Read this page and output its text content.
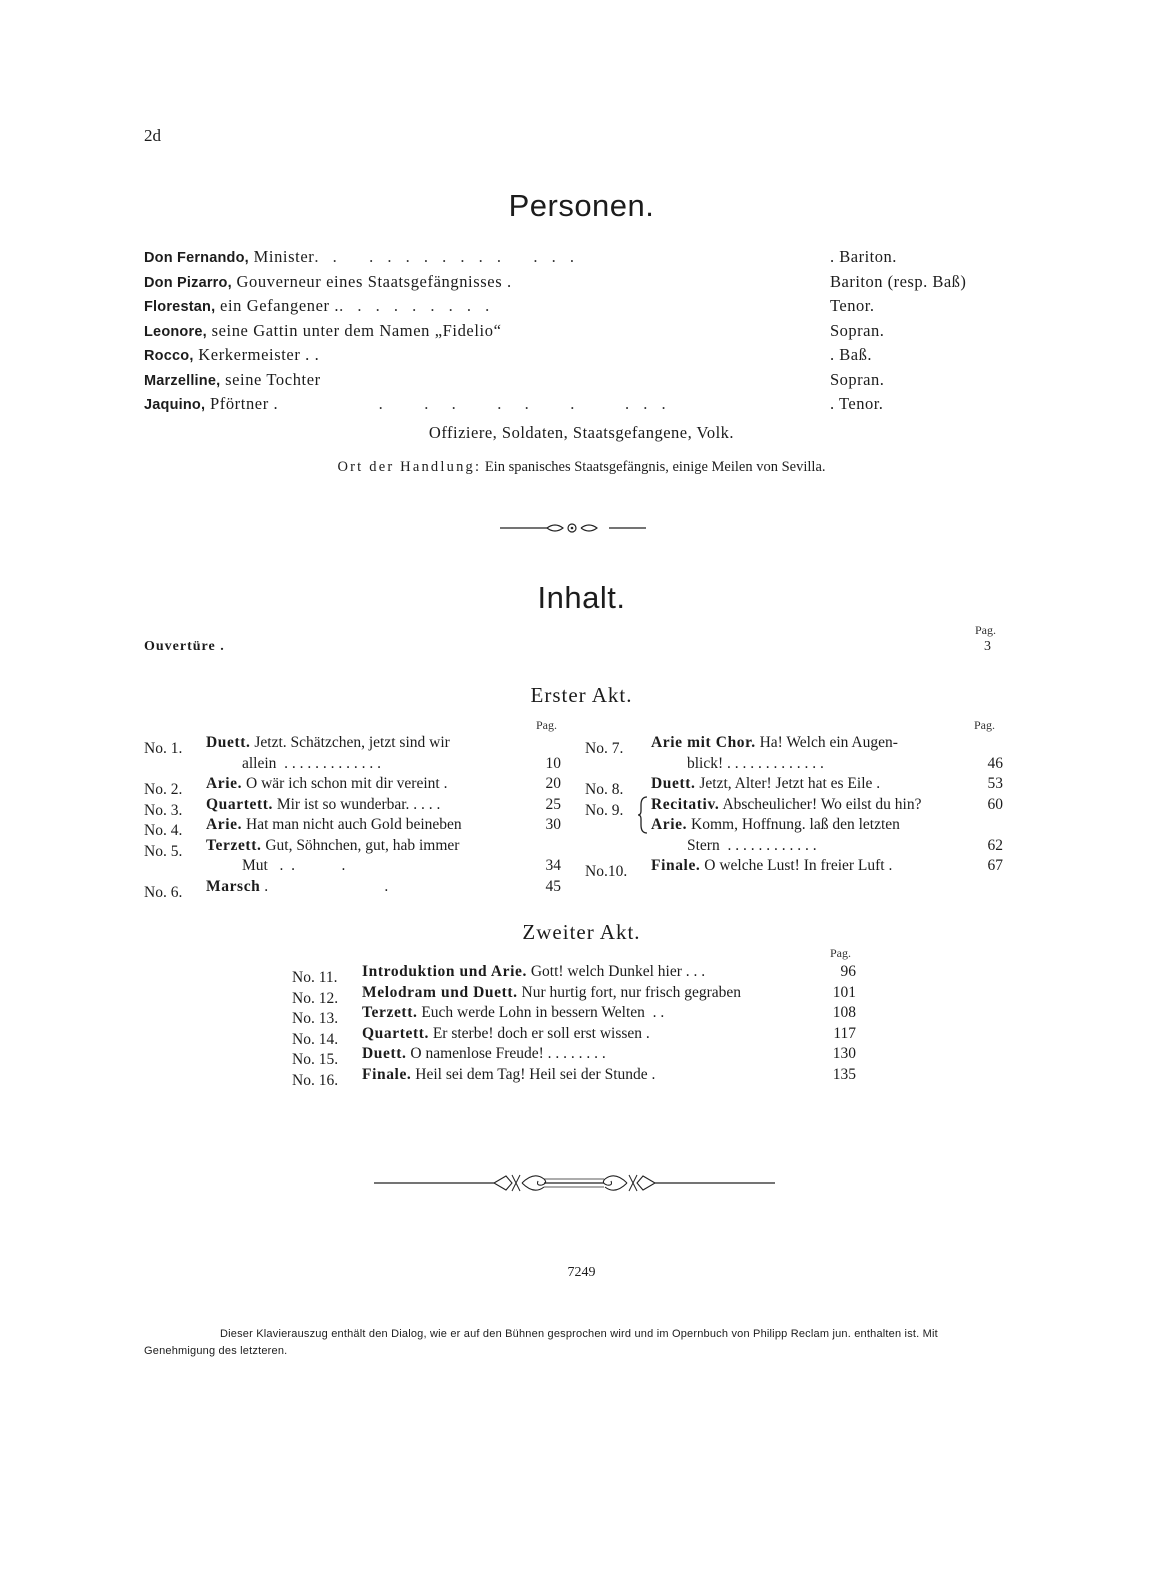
2d
Personen.
Don Fernando, Minister. .   . . . . . . . .   . . .	. Bariton.
Don Pizarro, Gouverneur eines Staatsgefängnisses .	Bariton (resp. Baß)
Florestan, ein Gefangener .. . . . . . . . .	Tenor.
Leonore, seine Gattin unter dem Namen „Fidelio“	Sopran.
Rocco, Kerkermeister . .	. Baß.
Marzelline, seine Tochter	Sopran.
Jaquino, Pförtner .           .    .  .    .  .    .     . . .	. Tenor.
Offiziere, Soldaten, Staatsgefangene, Volk.
Ort der Handlung: Ein spanisches Staatsgefängnis, einige Meilen von Sevilla.
Inhalt.
Pag.
Ouvertüre .	3
Erster Akt.
Pag.	Pag.
No. 1. Duett. Jetzt. Schätzchen, jetzt sind wir
allein  . . . . . . . . . . . . .	10
No. 2. Arie. O wär ich schon mit dir vereint .	20
No. 3. Quartett. Mir ist so wunderbar. . . . .	25
No. 4. Arie. Hat man nicht auch Gold beineben	30
No. 5. Terzett. Gut, Söhnchen, gut, hab immer
Mut   .  .            .	34
No. 6. Marsch .                              .	45
No. 7. Arie mit Chor. Ha! Welch ein Augen-
blick! . . . . . . . . . . . . .	46
No. 8. Duett. Jetzt, Alter! Jetzt hat es Eile .	53
No. 9. Recitativ. Abscheulicher! Wo eilst du hin?	60
Arie. Komm, Hoffnung. laß den letzten
Stern  . . . . . . . . . . . .	62
No.10. Finale. O welche Lust! In freier Luft .	67
Zweiter Akt.
Pag.
No. 11. Introduktion und Arie. Gott! welch Dunkel hier . . .	96
No. 12. Melodram und Duett. Nur hurtig fort, nur frisch gegraben	101
No. 13. Terzett. Euch werde Lohn in bessern Welten  . .	108
No. 14. Quartett. Er sterbe! doch er soll erst wissen .	117
No. 15. Duett. O namenlose Freude! . . . . . . . .	130
No. 16. Finale. Heil sei dem Tag! Heil sei der Stunde .	135
7249
Dieser Klavierauszug enthält den Dialog, wie er auf den Bühnen gesprochen wird und im Opernbuch von Philipp Reclam jun. enthalten ist. Mit Genehmigung des letzteren.
